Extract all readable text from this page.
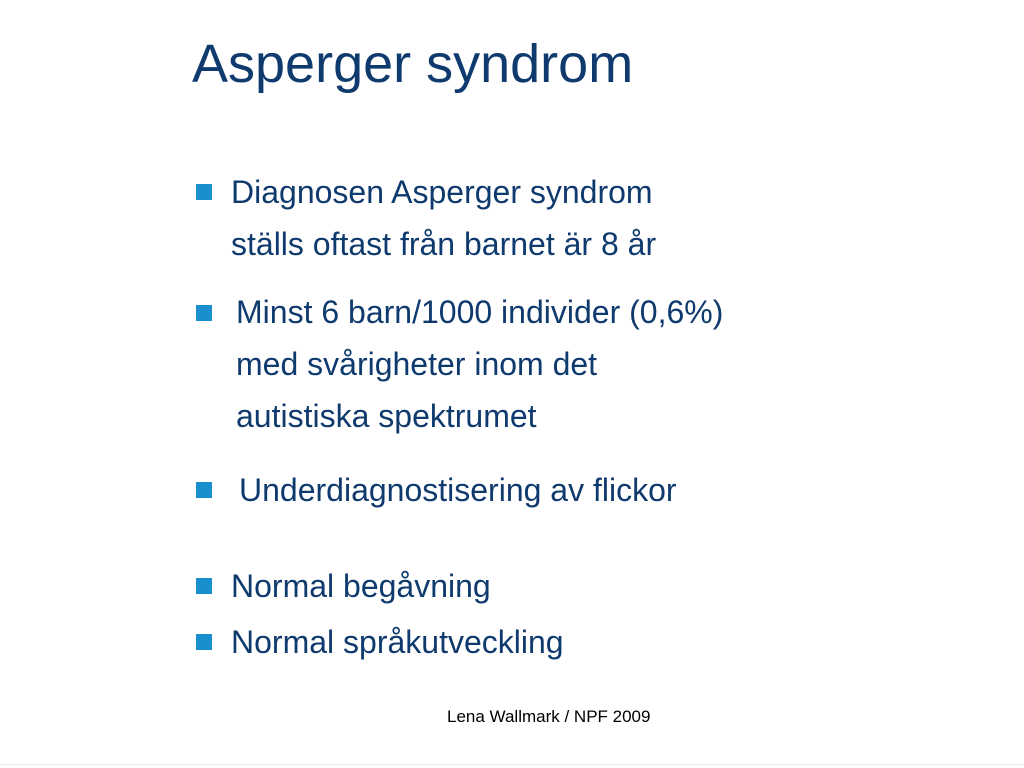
Asperger syndrom
Diagnosen Asperger syndrom
ställs oftast från barnet är 8 år
Minst 6 barn/1000 individer (0,6%)
med svårigheter inom det
autistiska spektrumet
Underdiagnostisering av flickor
Normal begåvning
Normal språkutveckling
Lena Wallmark / NPF 2009
